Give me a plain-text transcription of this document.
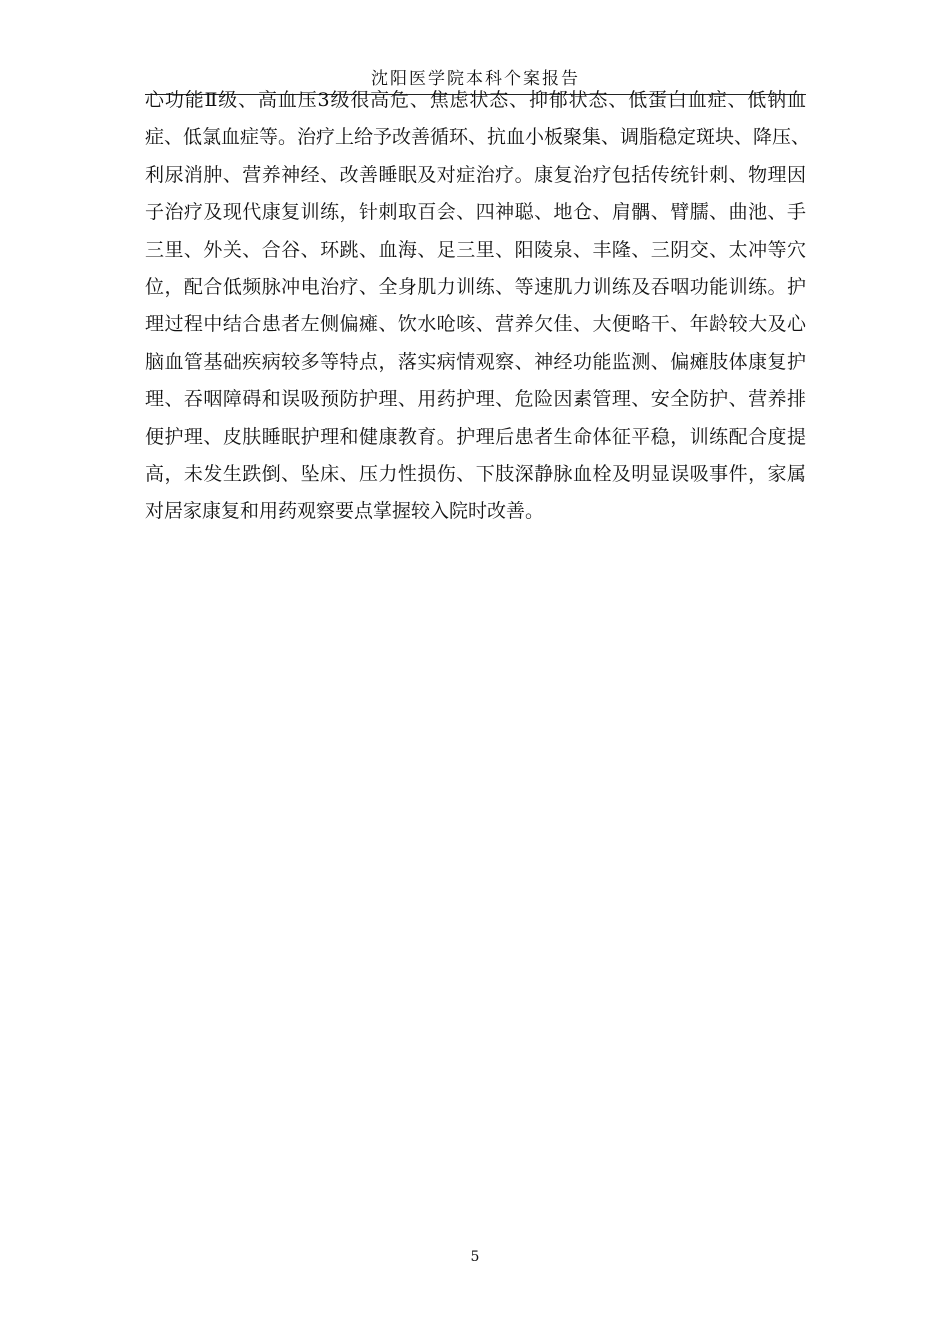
沈阳医学院本科个案报告
心功能Ⅱ级、高血压3级很高危、焦虑状态、抑郁状态、低蛋白血症、低钠血
症、低氯血症等。治疗上给予改善循环、抗血小板聚集、调脂稳定斑块、降压、
利尿消肿、营养神经、改善睡眠及对症治疗。康复治疗包括传统针刺、物理因
子治疗及现代康复训练，针刺取百会、四神聪、地仓、肩髃、臂臑、曲池、手
三里、外关、合谷、环跳、血海、足三里、阳陵泉、丰隆、三阴交、太冲等穴
位，配合低频脉冲电治疗、全身肌力训练、等速肌力训练及吞咽功能训练。护
理过程中结合患者左侧偏瘫、饮水呛咳、营养欠佳、大便略干、年龄较大及心
脑血管基础疾病较多等特点，落实病情观察、神经功能监测、偏瘫肢体康复护
理、吞咽障碍和误吸预防护理、用药护理、危险因素管理、安全防护、营养排
便护理、皮肤睡眠护理和健康教育。护理后患者生命体征平稳，训练配合度提
高，未发生跌倒、坠床、压力性损伤、下肢深静脉血栓及明显误吸事件，家属
对居家康复和用药观察要点掌握较入院时改善。
5
